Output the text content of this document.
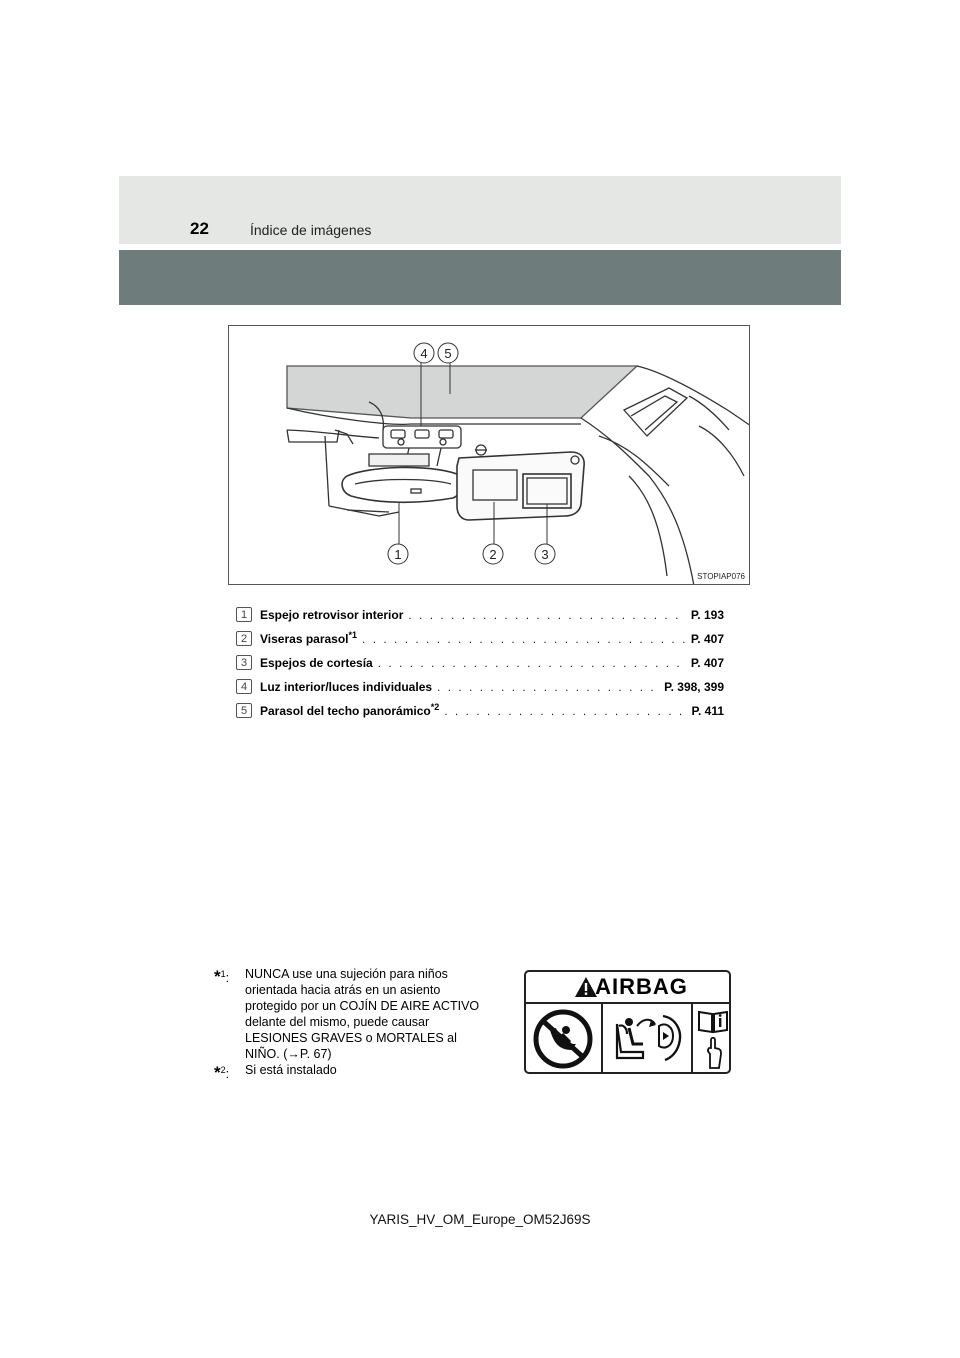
22	Índice de imágenes
4 5
1	2	3
STOPIAP076
1	Espejo retrovisor interior . . .	P. 193
2	Viseras parasol$^{*1}$ . . .	P. 407
3	Espejos de cortesía . . .	P. 407
4	Luz interior/luces individuales . . .	P. 398, 399
5	Parasol del techo panorámico$^{*2}$ . . .	P. 411
*$^1$: NUNCA use una sujeción para niños
orientada hacia atrás en un asiento
protegido por un COJÍN DE AIRE ACTIVO
delante del mismo, puede causar
LESIONES GRAVES o MORTALES al
NIÑO. (→P. 67)
*$^2$: Si está instalado
AIRBAG
YARIS_HV_OM_Europe_OM52J69S
